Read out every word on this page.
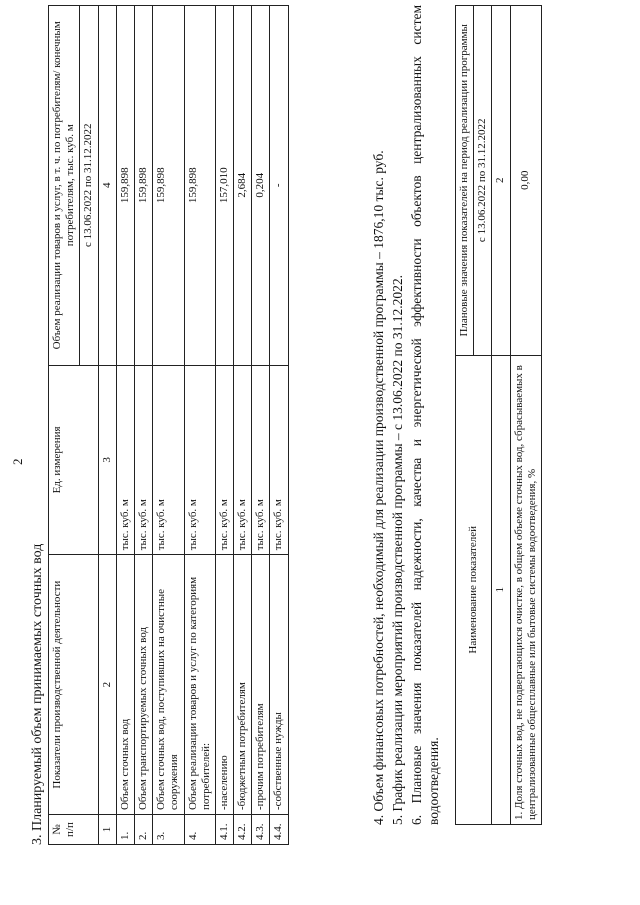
2
3. Планируемый объем принимаемых сточных вод № п/п	Показатели производственной деятельности	Ед. измерения	Объем реализации товаров и услуг, в т. ч. по потребителям/ конечным потребителям, тыс. куб. м
			с 13.06.2022 по 31.12.2022
1	2	3	4
1.	Объем сточных вод	тыс. куб. м	159,898
2.	Объем транспортируемых сточных вод	тыс. куб. м	159,898
3.	Объем сточных вод, поступивших на очистные сооружения	тыс. куб. м	159,898
4.	Объем реализации товаров и услуг по категориям потребителей:	тыс. куб. м	159,898
4.1.	-населению	тыс. куб. м	157,010
4.2.	-бюджетным потребителям	тыс. куб. м	2,684
4.3.	-прочим потребителям	тыс. куб. м	0,204
4.4.	-собственные нужды	тыс. куб. м	-	4. Объем финансовых потребностей, необходимый для реализации производственной программы – 1876,10 тыс. руб. 5. График реализации мероприятий производственной программы – с 13.06.2022 по 31.12.2022. 6. Плановые значения показателей надежности, качества и энергетической эффективности объектов централизованных систем водоотведения.

Наименование показателей	Плановые значения показателей на период реализации программы
	с 13.06.2022 по 31.12.2022
1	2
1. Доля сточных вод, не подвергающихся очистке, в общем объеме сточных вод, сбрасываемых в централизованные общесплавные или бытовые системы водоотведения, %	0,00
